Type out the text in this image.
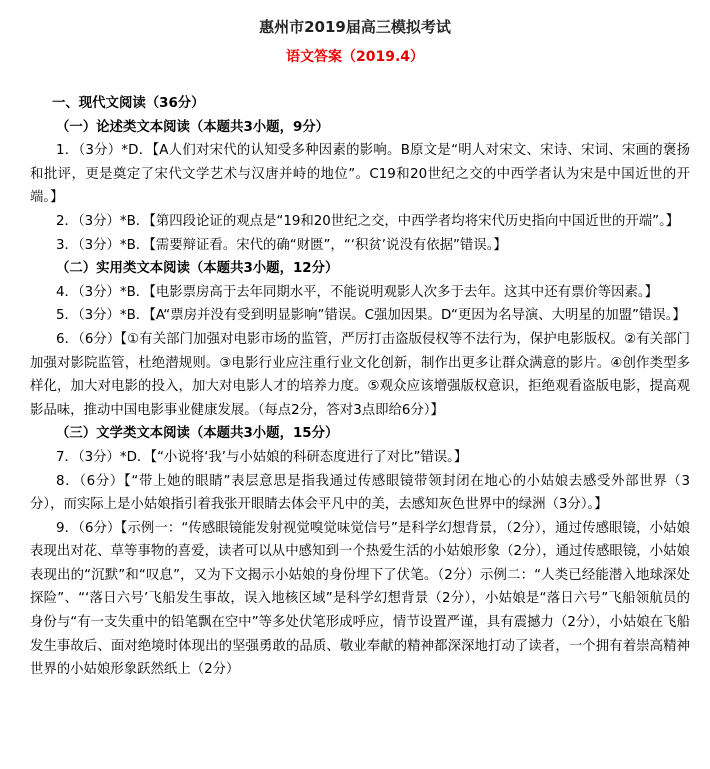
惠州市2019届高三模拟考试
语文答案（2019.4）
一、现代文阅读（36分）
（一）论述类文本阅读（本题共3小题，9分）

1．（3分）*D．【A人们对宋代的认知受多种因素的影响。B原文是“明人对宋文、宋诗、宋词、宋画的褒扬和批评，更是奠定了宋代文学艺术与汉唐并峙的地位”。C19和20世纪之交的中西学者认为宋是中国近世的开端。】

2．（3分）*B．【第四段论证的观点是“19和20世纪之交，中西学者均将宋代历史指向中国近世的开端”。】

3．（3分）*B．【需要辩证看。宋代的确“财匮”，“‘积贫’说没有依据”错误。】

（二）实用类文本阅读（本题共3小题，12分）

4．（3分）*B．【电影票房高于去年同期水平，不能说明观影人次多于去年。这其中还有票价等因素。】

5．（3分）*B．【A“票房并没有受到明显影响”错误。C强加因果。D“更因为名导演、大明星的加盟”错误。】

6．（6分）【①有关部门加强对电影市场的监管，严厉打击盗版侵权等不法行为，保护电影版权。②有关部门加强对影院监管，杜绝潜规则。③电影行业应注重行业文化创新，制作出更多让群众满意的影片。④创作类型多样化，加大对电影的投入，加大对电影人才的培养力度。⑤观众应该增强版权意识，拒绝观看盗版电影，提高观影品味，推动中国电影事业健康发展。（每点2分，答对3点即给6分）】

（三）文学类文本阅读（本题共3小题，15分）

7．（3分）*D．【“小说将‘我’与小姑娘的科研态度进行了对比”错误。】

8．（6分）【“带上她的眼睛”表层意思是指我通过传感眼镜带领封闭在地心的小姑娘去感受外部世界（3分），而实际上是小姑娘指引着我张开眼睛去体会平凡中的美，去感知灰色世界中的绿洲（3分）。】

9．（6分）【示例一：“传感眼镜能发射视觉嗅觉味觉信号”是科学幻想背景，（2分），通过传感眼镜，小姑娘表现出对花、草等事物的喜爱，读者可以从中感知到一个热爱生活的小姑娘形象（2分），通过传感眼镜，小姑娘表现出的“沉默”和“叹息”，又为下文揭示小姑娘的身份埋下了伏笔。（2分）示例二：“人类已经能潜入地球深处探险”、“‘落日六号’飞船发生事故，误入地核区域”是科学幻想背景（2分），小姑娘是“落日六号”飞船领航员的身份与“有一支失重中的铅笔飘在空中”等多处伏笔形成呼应，情节设置严谨，具有震撼力（2分），小姑娘在飞船发生事故后、面对绝境时体现出的坚强勇敢的品质、敬业奉献的精神都深深地打动了读者，一个拥有着崇高精神世界的小姑娘形象跃然纸上（2分）
